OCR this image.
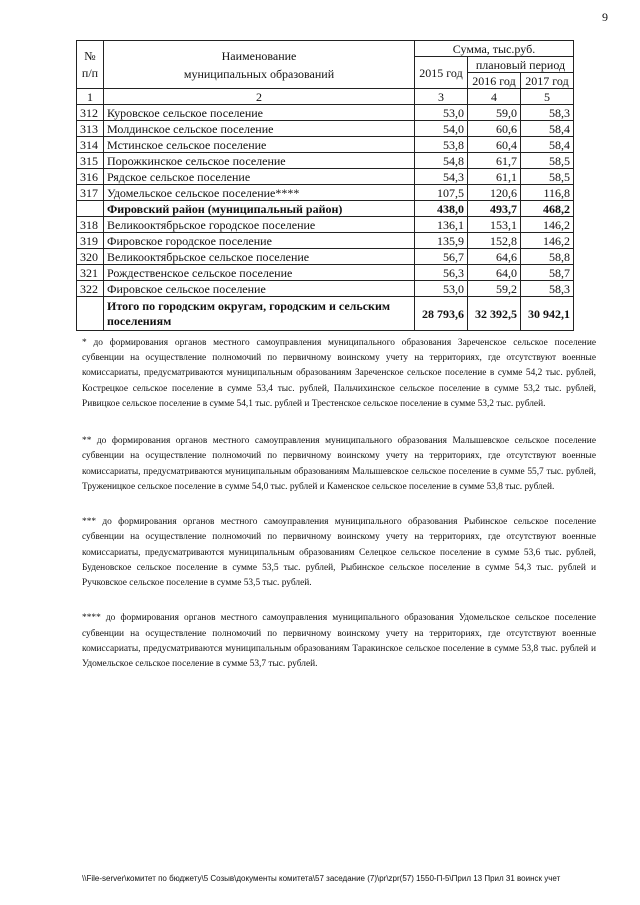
9
№ п/п	Наименование
муниципальных образований	Сумма, тыс.руб.		
		2015 год	плановый период	
			2016 год	2017 год
1	2	3	4	5
312	Куровское сельское поселение	53,0	59,0	58,3
313	Молдинское сельское поселение	54,0	60,6	58,4
314	Мстинское сельское поселение	53,8	60,4	58,4
315	Порожкинское сельское поселение	54,8	61,7	58,5
316	Рядское сельское поселение	54,3	61,1	58,5
317	Удомельское сельское поселение****	107,5	120,6	116,8
	Фировский район (муниципальный район)	438,0	493,7	468,2
318	Великооктябрьское городское поселение	136,1	153,1	146,2
319	Фировское городское поселение	135,9	152,8	146,2
320	Великооктябрьское сельское поселение	56,7	64,6	58,8
321	Рождественское сельское поселение	56,3	64,0	58,7
322	Фировское сельское поселение	53,0	59,2	58,3
	Итого по городским округам, городским и сельским поселениям	28 793,6	32 392,5	30 942,1

* до формирования органов местного самоуправления муниципального образования Зареченское сельское поселение субвенции на осуществление полномочий по первичному воинскому учету на территориях, где отсутствуют военные комиссариаты, предусматриваются муниципальным образованиям Зареченское сельское поселение в сумме 54,2 тыс. рублей, Кострецкое сельское поселение в сумме 53,4 тыс. рублей, Пальчихинское сельское поселение в сумме 53,2 тыс. рублей, Ривицкое сельское поселение в сумме 54,1 тыс. рублей и Трестенское сельское поселение в сумме 53,2 тыс. рублей.

** до формирования органов местного самоуправления муниципального образования Малышевское сельское поселение субвенции на осуществление полномочий по первичному воинскому учету на территориях, где отсутствуют военные комиссариаты, предусматриваются муниципальным образованиям Малышевское сельское поселение в сумме 55,7 тыс. рублей, Труженицкое сельское поселение в сумме 54,0 тыс. рублей и Каменское сельское поселение в сумме 53,8 тыс. рублей.

*** до формирования органов местного самоуправления муниципального образования Рыбинское сельское поселение субвенции на осуществление полномочий по первичному воинскому учету на территориях, где отсутствуют военные комиссариаты, предусматриваются муниципальным образованиям Селецкое сельское поселение в сумме 53,6 тыс. рублей, Буденовское сельское поселение в сумме 53,5 тыс. рублей, Рыбинское сельское поселение в сумме 54,3 тыс. рублей и Ручковское сельское поселение в сумме 53,5 тыс. рублей.

**** до формирования органов местного самоуправления муниципального образования Удомельское сельское поселение субвенции на осуществление полномочий по первичному воинскому учету на территориях, где отсутствуют военные комиссариаты, предусматриваются муниципальным образованиям Таракинское сельское поселение в сумме 53,8 тыс. рублей и Удомельское сельское поселение в сумме 53,7 тыс. рублей.

\\File-server\комитет по бюджету\5 Созыв\документы комитета\57 заседание (7)\pr\zpr(57) 1550-П-5\Прил 13 Прил 31 воинск учет
